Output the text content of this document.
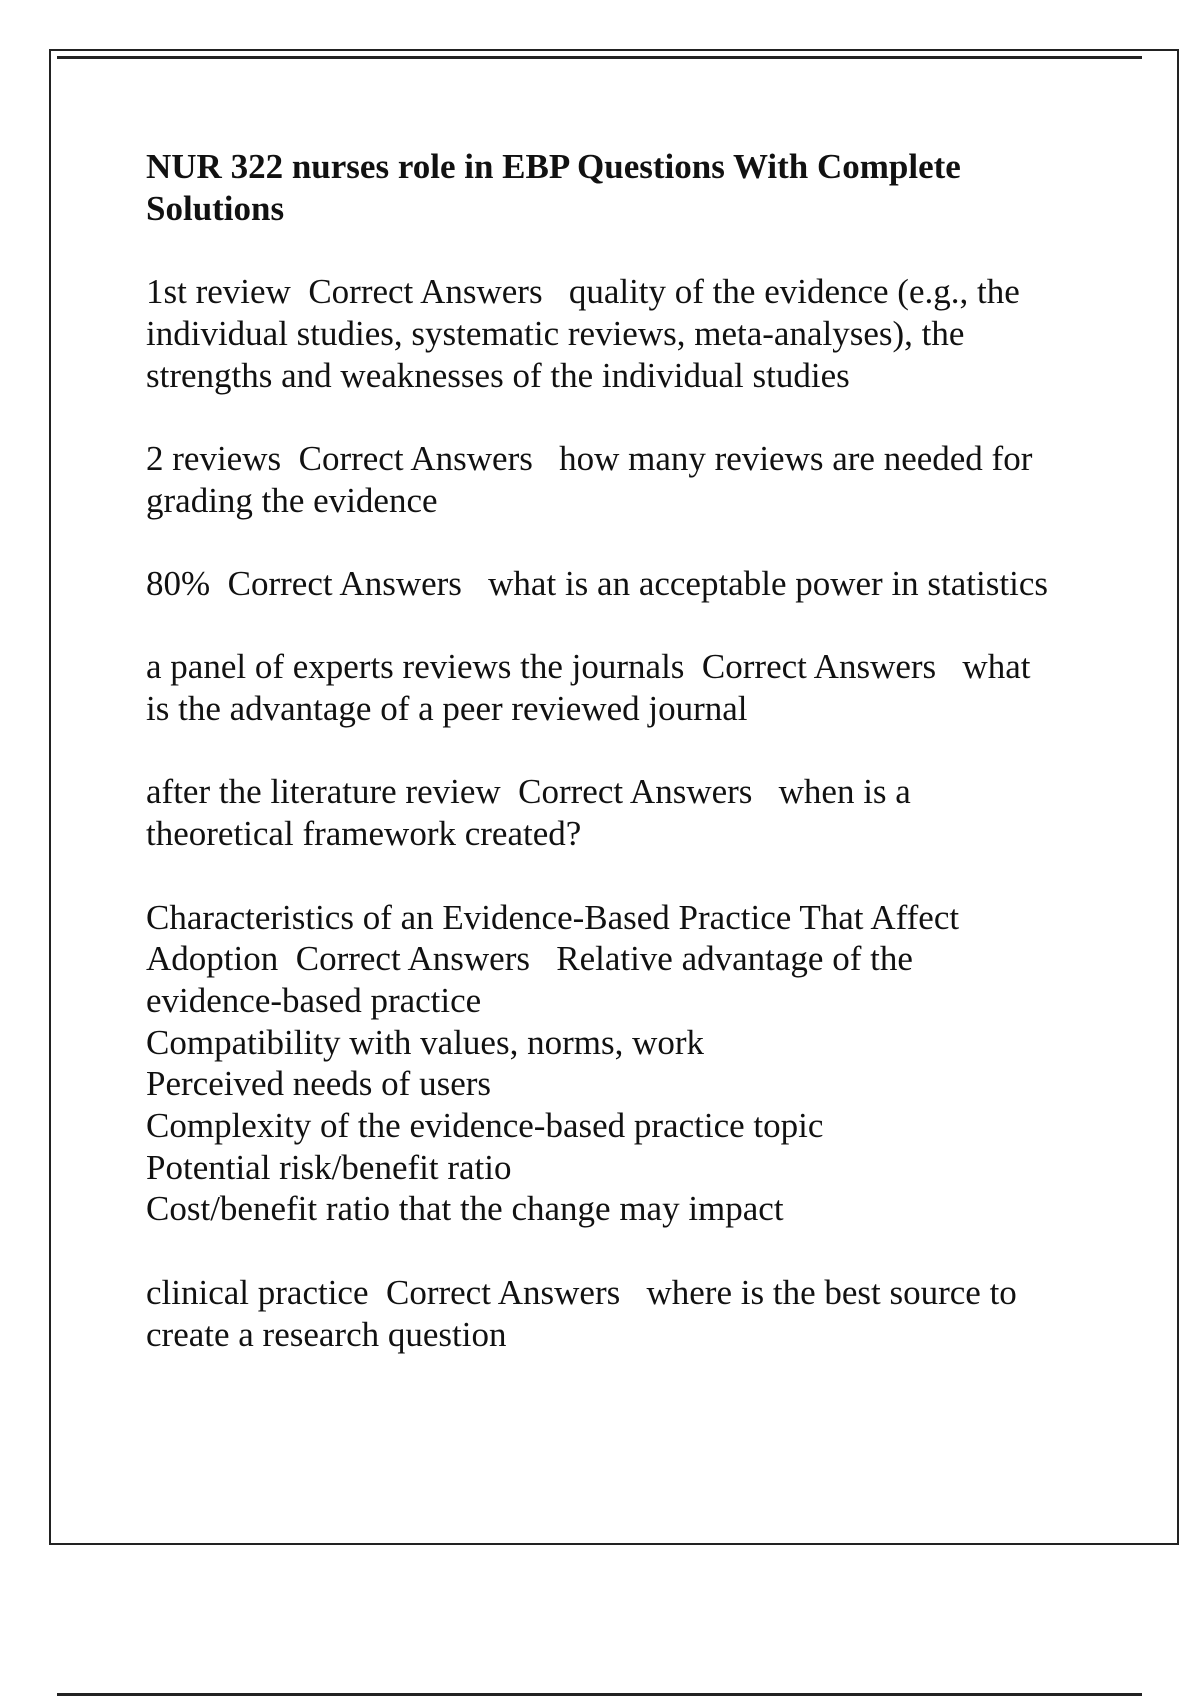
NUR 322 nurses role in EBP Questions With Complete
Solutions
1st review  Correct Answers   quality of the evidence (e.g., the
individual studies, systematic reviews, meta-analyses), the
strengths and weaknesses of the individual studies
2 reviews  Correct Answers   how many reviews are needed for
grading the evidence
80%  Correct Answers   what is an acceptable power in statistics
a panel of experts reviews the journals  Correct Answers   what
is the advantage of a peer reviewed journal
after the literature review  Correct Answers   when is a
theoretical framework created?
Characteristics of an Evidence-Based Practice That Affect
Adoption  Correct Answers   Relative advantage of the
evidence-based practice
Compatibility with values, norms, work
Perceived needs of users
Complexity of the evidence-based practice topic
Potential risk/benefit ratio
Cost/benefit ratio that the change may impact
clinical practice  Correct Answers   where is the best source to
create a research question
